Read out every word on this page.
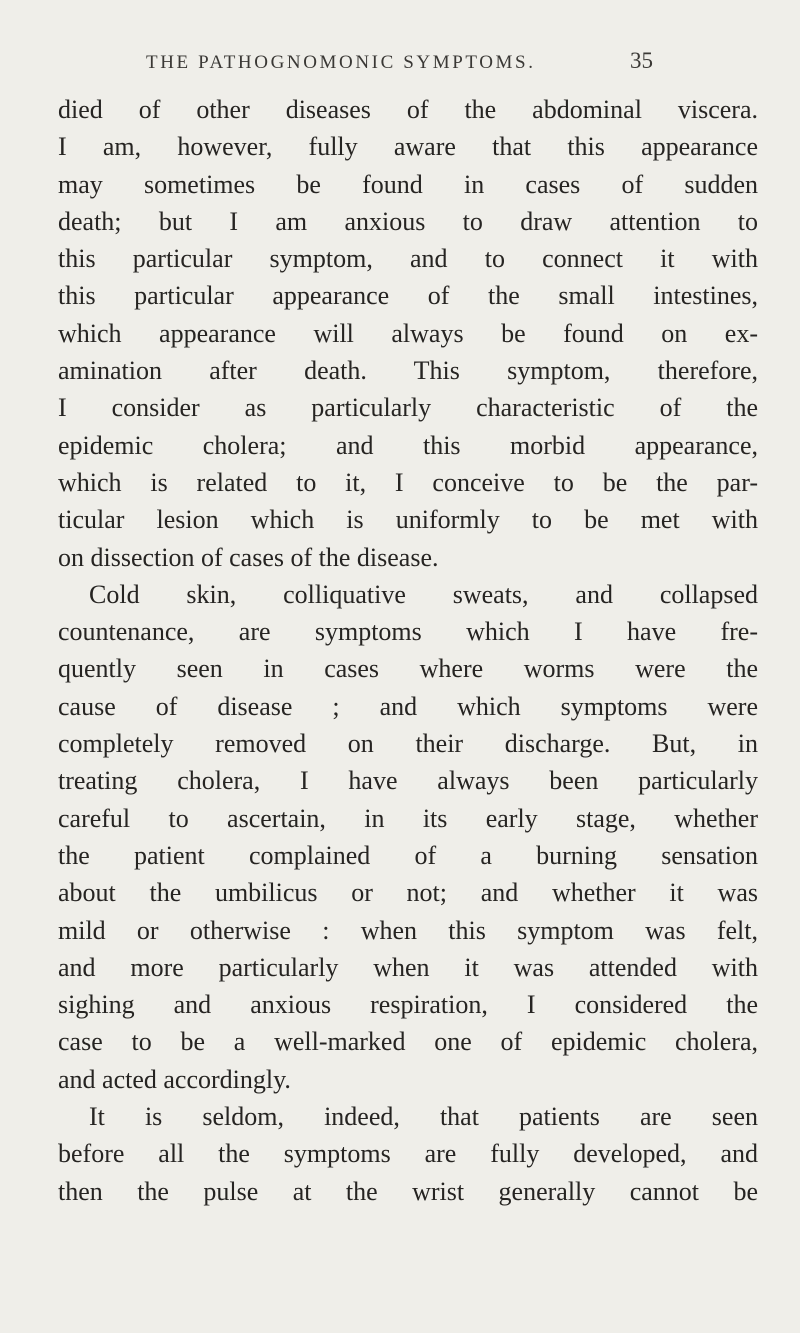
THE PATHOGNOMONIC SYMPTOMS.	35
died of other diseases of the abdominal viscera.
I am, however, fully aware that this appearance
may sometimes be found in cases of sudden
death; but I am anxious to draw attention to
this particular symptom, and to connect it with
this particular appearance of the small intestines,
which appearance will always be found on ex-
amination after death. This symptom, therefore,
I consider as particularly characteristic of the
epidemic cholera; and this morbid appearance,
which is related to it, I conceive to be the par-
ticular lesion which is uniformly to be met with
on dissection of cases of the disease.
Cold skin, colliquative sweats, and collapsed
countenance, are symptoms which I have fre-
quently seen in cases where worms were the
cause of disease ; and which symptoms were
completely removed on their discharge. But, in
treating cholera, I have always been particularly
careful to ascertain, in its early stage, whether
the patient complained of a burning sensation
about the umbilicus or not; and whether it was
mild or otherwise : when this symptom was felt,
and more particularly when it was attended with
sighing and anxious respiration, I considered the
case to be a well-marked one of epidemic cholera,
and acted accordingly.
It is seldom, indeed, that patients are seen
before all the symptoms are fully developed, and
then the pulse at the wrist generally cannot be
